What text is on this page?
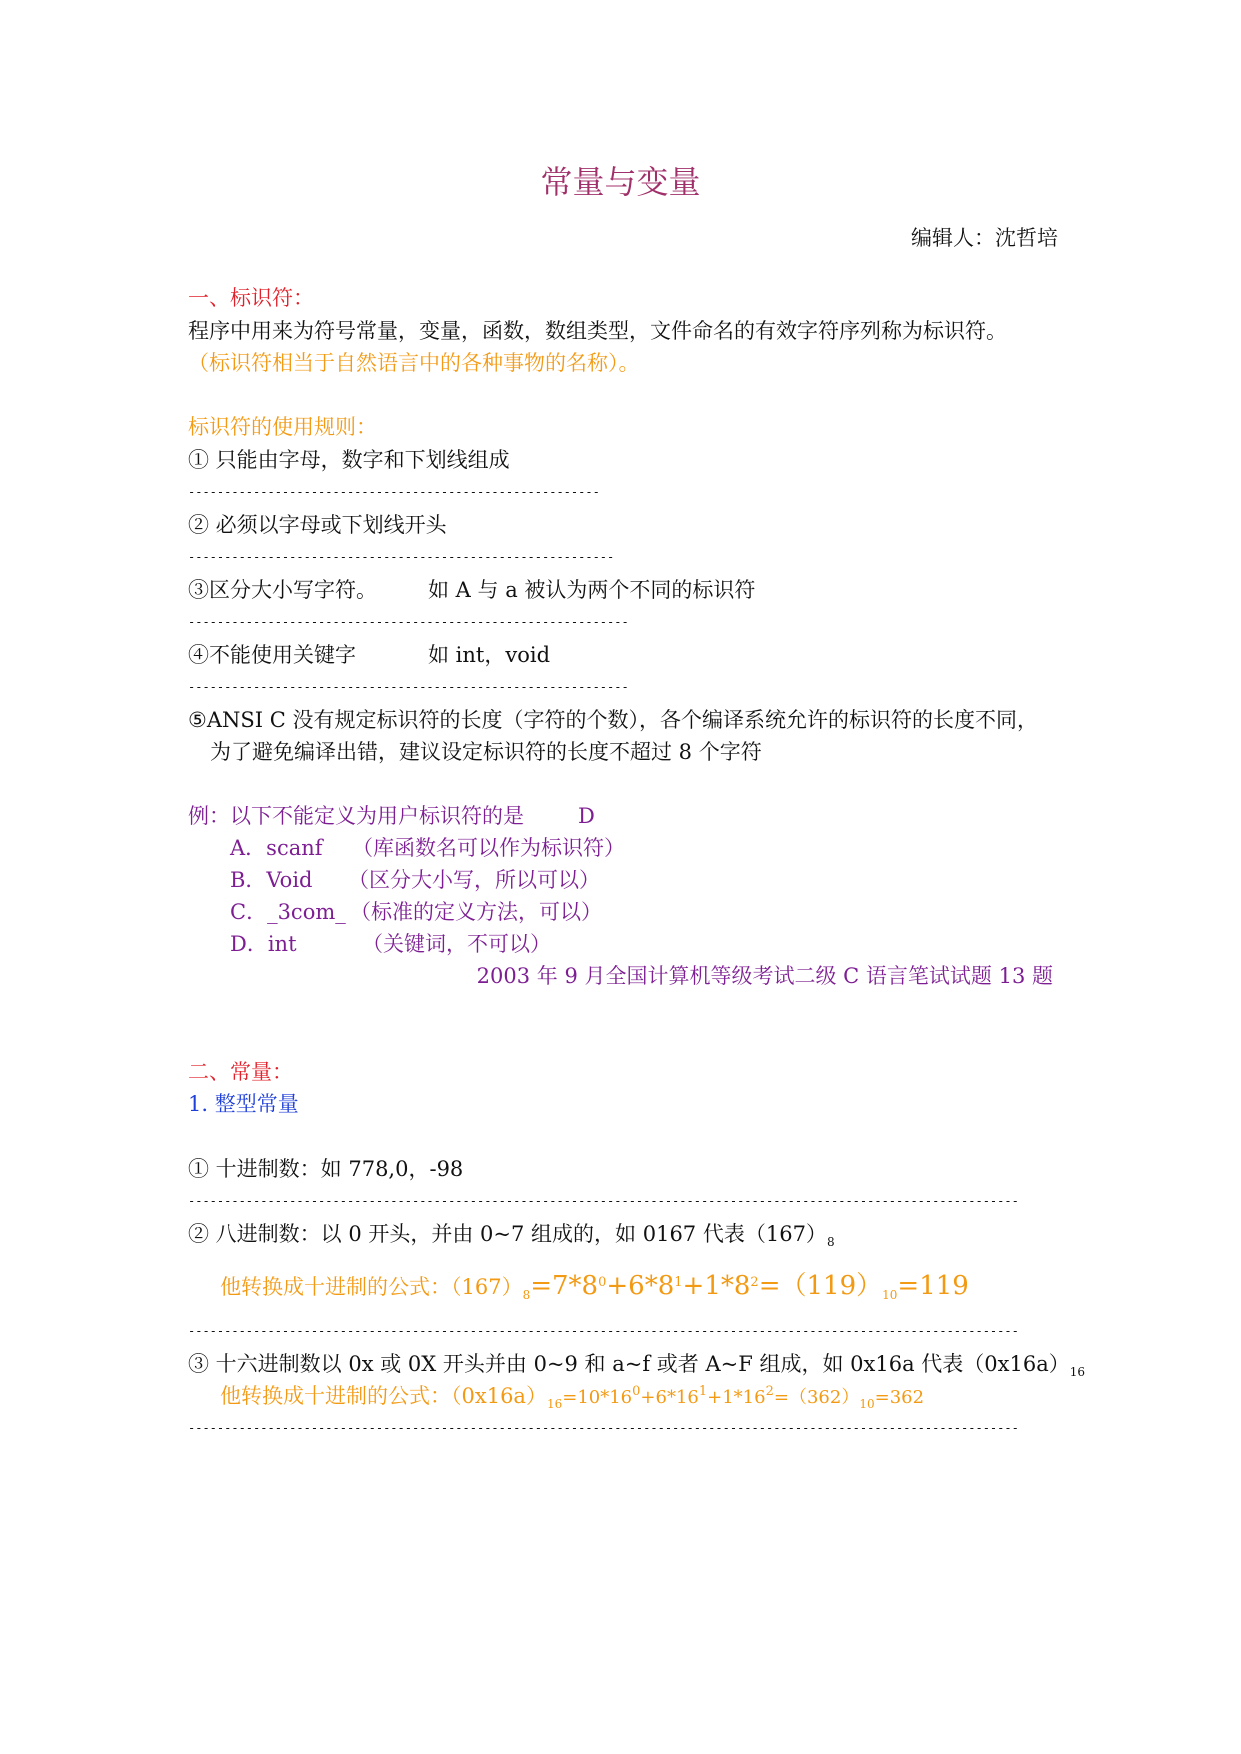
常量与变量
编辑人：沈哲培
一、标识符：
程序中用来为符号常量，变量，函数，数组类型，文件命名的有效字符序列称为标识符。
（标识符相当于自然语言中的各种事物的名称）。
标识符的使用规则：
① 只能由字母，数字和下划线组成
---------------------------------------------------------
② 必须以字母或下划线开头
-----------------------------------------------------------
③区分大小写字符。 如 A 与 a 被认为两个不同的标识符
-------------------------------------------------------------
④不能使用关键字	如 int，void
-------------------------------------------------------------
⑤ANSI C 没有规定标识符的长度（字符的个数），各个编译系统允许的标识符的长度不同，
为了避免编译出错，建议设定标识符的长度不超过 8 个字符
例：以下不能定义为用户标识符的是	D
A．scanf （库函数名可以作为标识符）
B．Void （区分大小写，所以可以）
C．_3com_ （标准的定义方法，可以）
D．int	（关键词，不可以）
2003 年 9 月全国计算机等级考试二级 C 语言笔试试题 13 题
二、常量：
1. 整型常量
① 十进制数：如 778,0，-98
-------------------------------------------------------------------------------------------------------------------
② 八进制数：以 0 开头，并由 0~7 组成的，如 0167 代表$(167)_8$
他转换成十进制的公式：$(167)_8=7*8^0+6*8^1+1*8^2=(119)_{10}=119$
-------------------------------------------------------------------------------------------------------------------
③ 十六进制数以 0x 或 0X 开头并由 0~9 和 a~f 或者 A~F 组成，如 0x16a 代表$(0x16a)_{16}$
他转换成十进制的公式：$(0x16a)_{16}=10*16^0+6*16^1+1*16^2=(362)_{10}=362$
-------------------------------------------------------------------------------------------------------------------
